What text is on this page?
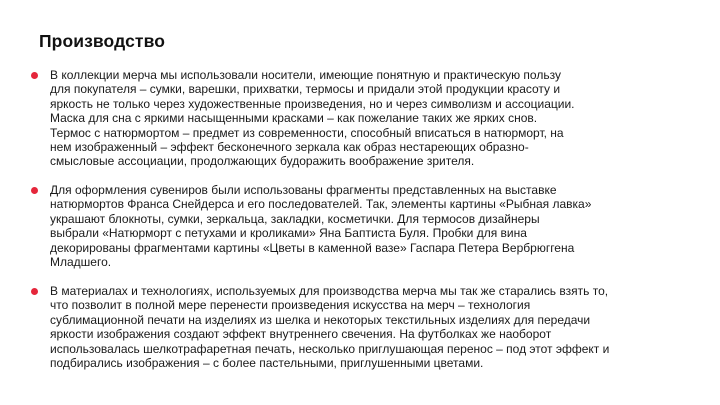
Производство
В коллекции мерча мы использовали носители, имеющие понятную и практическую пользу
для покупателя – сумки, варешки, прихватки, термосы и придали этой продукции красоту и
яркость не только через художественные произведения, но и через символизм и ассоциации.
Маска для сна с яркими насыщенными красками – как пожелание таких же ярких снов.
Термос с натюрмортом – предмет из современности, способный вписаться в натюрморт, на
нем изображенный – эффект бесконечного зеркала как образ нестареющих образно-
смысловые ассоциации, продолжающих будоражить воображение зрителя.
Для оформления сувениров были использованы фрагменты представленных на выставке
натюрмортов Франса Снейдерса и его последователей. Так, элементы картины «Рыбная лавка»
украшают блокноты, сумки, зеркальца, закладки, косметички. Для термосов дизайнеры
выбрали «Натюрморт с петухами и кроликами» Яна Баптиста Буля. Пробки для вина
декорированы фрагментами картины «Цветы в каменной вазе» Гаспара Петера Вербрюггена
Младшего.
В материалах и технологиях, используемых для производства мерча мы так же старались взять то,
что позволит в полной мере перенести произведения искусства на мерч – технология
сублимационной печати на изделиях из шелка и некоторых текстильных изделиях для передачи
яркости изображения создают эффект внутреннего свечения. На футболках же наоборот
использовалась шелкотрафаретная печать, несколько приглушающая перенос – под этот эффект и
подбирались изображения – с более пастельными, приглушенными цветами.
